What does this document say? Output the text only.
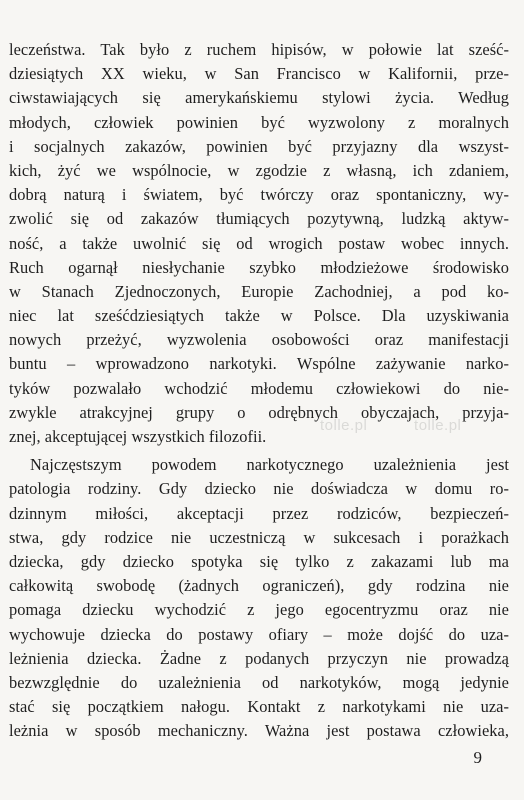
leczeństwa. Tak było z ruchem hipisów, w połowie lat sześć-
dziesiątych XX wieku, w San Francisco w Kalifornii, prze-
ciwstawiających się amerykańskiemu stylowi życia. Według
młodych, człowiek powinien być wyzwolony z moralnych
i socjalnych zakazów, powinien być przyjazny dla wszyst-
kich, żyć we wspólnocie, w zgodzie z własną, ich zdaniem,
dobrą naturą i światem, być twórczy oraz spontaniczny, wy-
zwolić się od zakazów tłumiących pozytywną, ludzką aktyw-
ność, a także uwolnić się od wrogich postaw wobec innych.
Ruch ogarnął niesłychanie szybko młodzieżowe środowisko
w Stanach Zjednoczonych, Europie Zachodniej, a pod ko-
niec lat sześćdziesiątych także w Polsce. Dla uzyskiwania
nowych przeżyć, wyzwolenia osobowości oraz manifestacji
buntu – wprowadzono narkotyki. Wspólne zażywanie narko-
tyków pozwalało wchodzić młodemu człowiekowi do nie-
zwykle atrakcyjnej grupy o odrębnych obyczajach, przyja-
znej, akceptującej wszystkich filozofii.
Najczęstszym powodem narkotycznego uzależnienia jest
patologia rodziny. Gdy dziecko nie doświadcza w domu ro-
dzinnym miłości, akceptacji przez rodziców, bezpieczeń-
stwa, gdy rodzice nie uczestniczą w sukcesach i porażkach
dziecka, gdy dziecko spotyka się tylko z zakazami lub ma
całkowitą swobodę (żadnych ograniczeń), gdy rodzina nie
pomaga dziecku wychodzić z jego egocentryzmu oraz nie
wychowuje dziecka do postawy ofiary – może dojść do uza-
leżnienia dziecka. Żadne z podanych przyczyn nie prowadzą
bezwzględnie do uzależnienia od narkotyków, mogą jedynie
stać się początkiem nałogu. Kontakt z narkotykami nie uza-
leżnia w sposób mechaniczny. Ważna jest postawa człowieka,
tolle.pl	tolle.pl
9
